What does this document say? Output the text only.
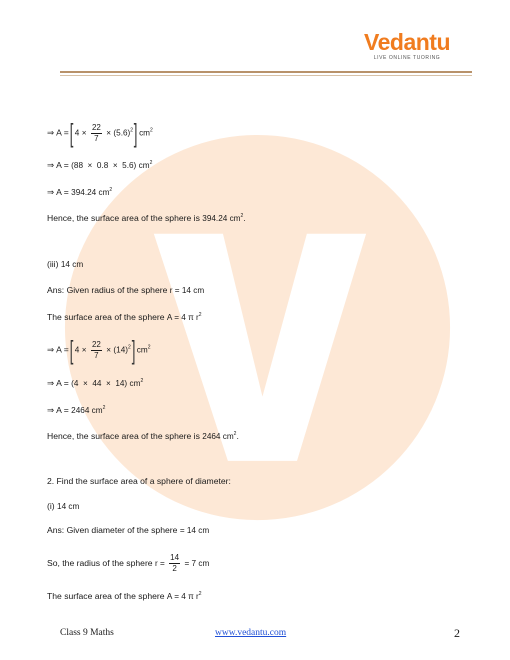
Vedantu
LIVE ONLINE TUORING
⇒ A = [ $4 \times \frac{22}{7} \times (5.6)^2$ ] $cm^2$
⇒ A = (88  ×  0.8  ×  5.6) $cm^2$
⇒ A = 394.24 $cm^2$
Hence, the surface area of the sphere is 394.24 $cm^2$.
(iii) 14 cm
Ans: Given radius of the sphere r = 14 cm
The surface area of the sphere A = 4 π $r^2$
⇒ A = [ $4 \times \frac{22}{7} \times (14)^2$ ] $cm^2$
⇒ A = (4  ×  44  ×  14) $cm^2$
⇒ A = 2464 $cm^2$
Hence, the surface area of the sphere is 2464 $cm^2$.
2. Find the surface area of a sphere of diameter:
(i) 14 cm
Ans: Given diameter of the sphere = 14 cm
So, the radius of the sphere $r = \frac{14}{2} = 7$ cm
The surface area of the sphere A = 4 π $r^2$
Class 9 Maths	www.vedantu.com	2
